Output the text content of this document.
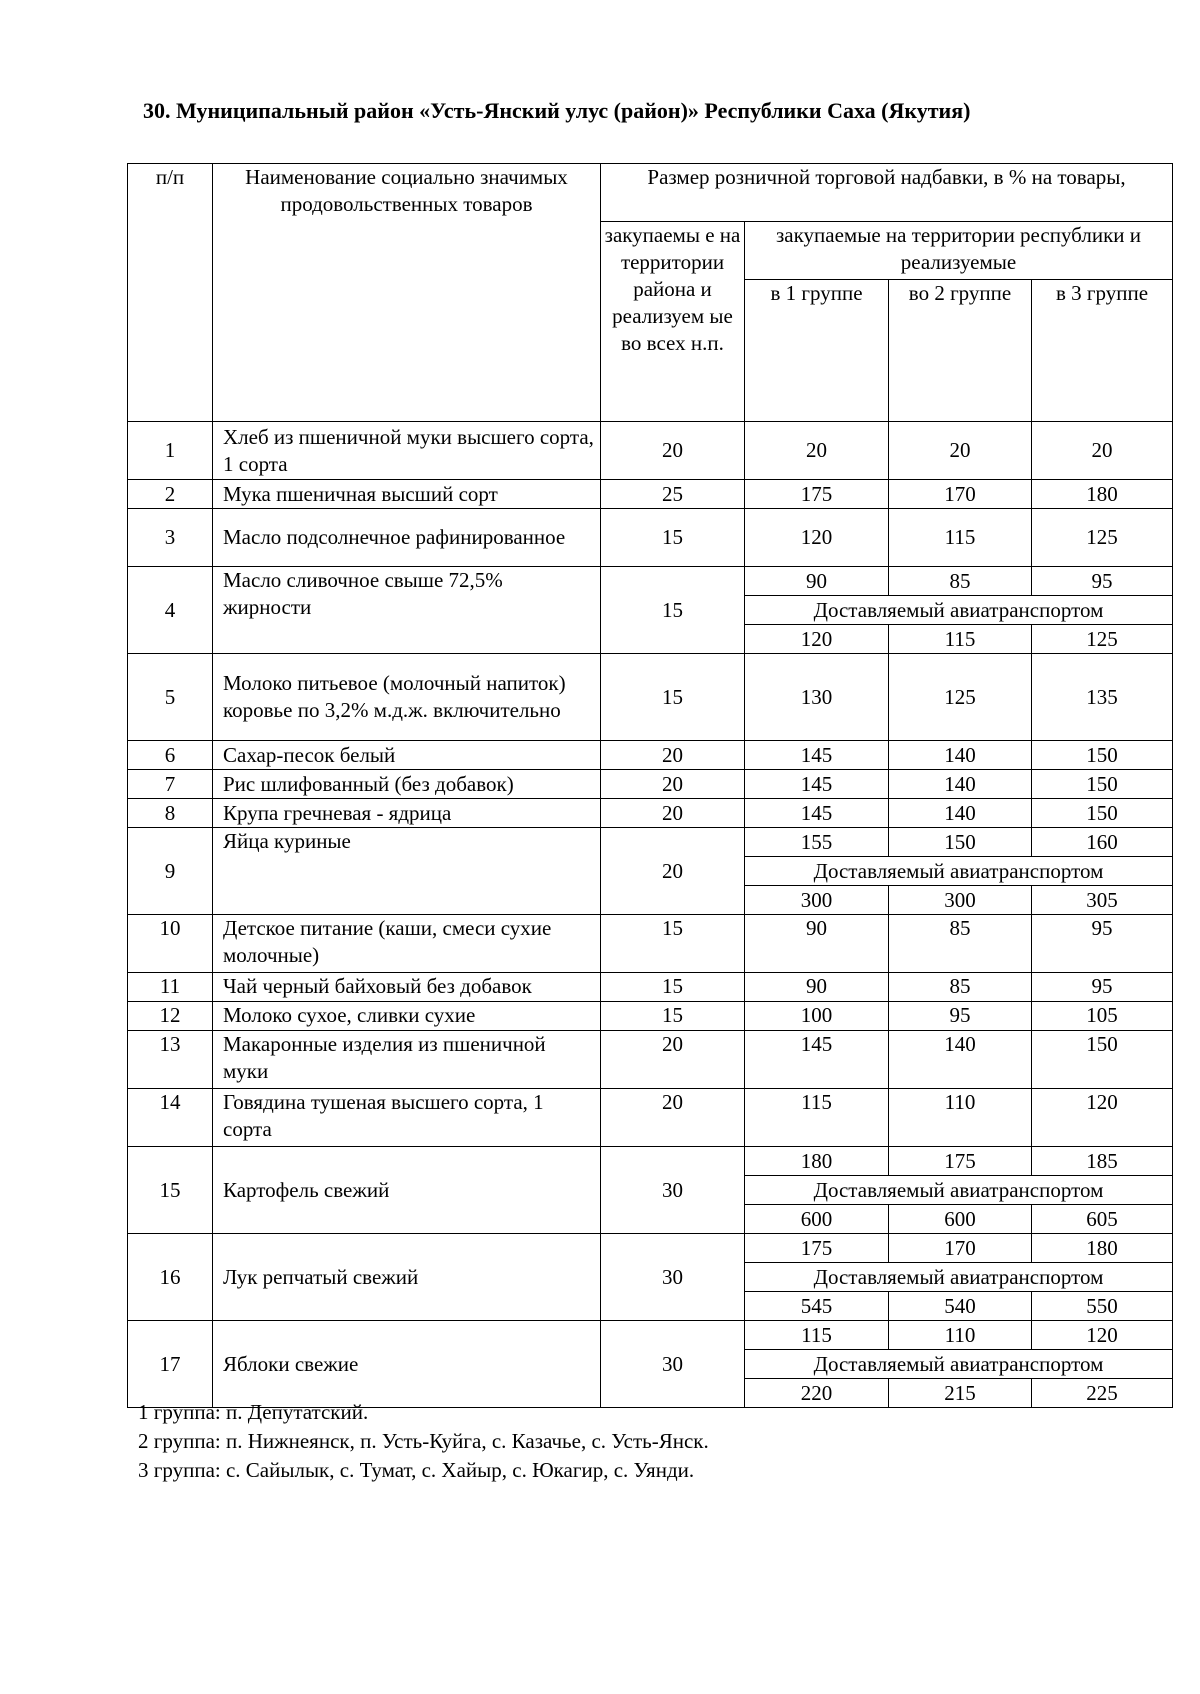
30. Муниципальный район «Усть-Янский улус (район)» Республики Саха (Якутия)
п/п	Наименование социально значимых продовольственных товаров	Размер розничной торговой надбавки, в % на товары,			
		закупаемы е на территории района и реализуем ые во всех н.п.	закупаемые на территории республики и реализуемые		
			в 1 группе	во 2 группе	в 3 группе
1	Хлеб из пшеничной муки высшего сорта, 1 сорта	20	20	20	20
2	Мука пшеничная высший сорт	25	175	170	180
3	Масло подсолнечное рафинированное	15	120	115	125
4	Масло сливочное свыше 72,5% жирности	15	90	85	95
			Доставляемый авиатранспортом		
			120	115	125
5	Молоко питьевое (молочный напиток) коровье по 3,2% м.д.ж. включительно	15	130	125	135
6	Сахар-песок белый	20	145	140	150
7	Рис шлифованный (без добавок)	20	145	140	150
8	Крупа гречневая - ядрица	20	145	140	150
9	Яйца куриные	20	155	150	160
			Доставляемый авиатранспортом		
			300	300	305
10	Детское питание (каши, смеси сухие молочные)	15	90	85	95
11	Чай черный байховый без добавок	15	90	85	95
12	Молоко сухое, сливки сухие	15	100	95	105
13	Макаронные изделия из пшеничной муки	20	145	140	150
14	Говядина тушеная высшего сорта, 1 сорта	20	115	110	120
15	Картофель свежий	30	180	175	185
			Доставляемый авиатранспортом		
			600	600	605
16	Лук репчатый свежий	30	175	170	180
			Доставляемый авиатранспортом		
			545	540	550
17	Яблоки свежие	30	115	110	120
			Доставляемый авиатранспортом		
			220	215	225
1 группа: п. Депутатский.
2 группа: п. Нижнеянск, п. Усть-Куйга, с. Казачье, с. Усть-Янск.
3 группа: с. Сайылык, с. Тумат, с. Хайыр, с. Юкагир, с. Уянди.
